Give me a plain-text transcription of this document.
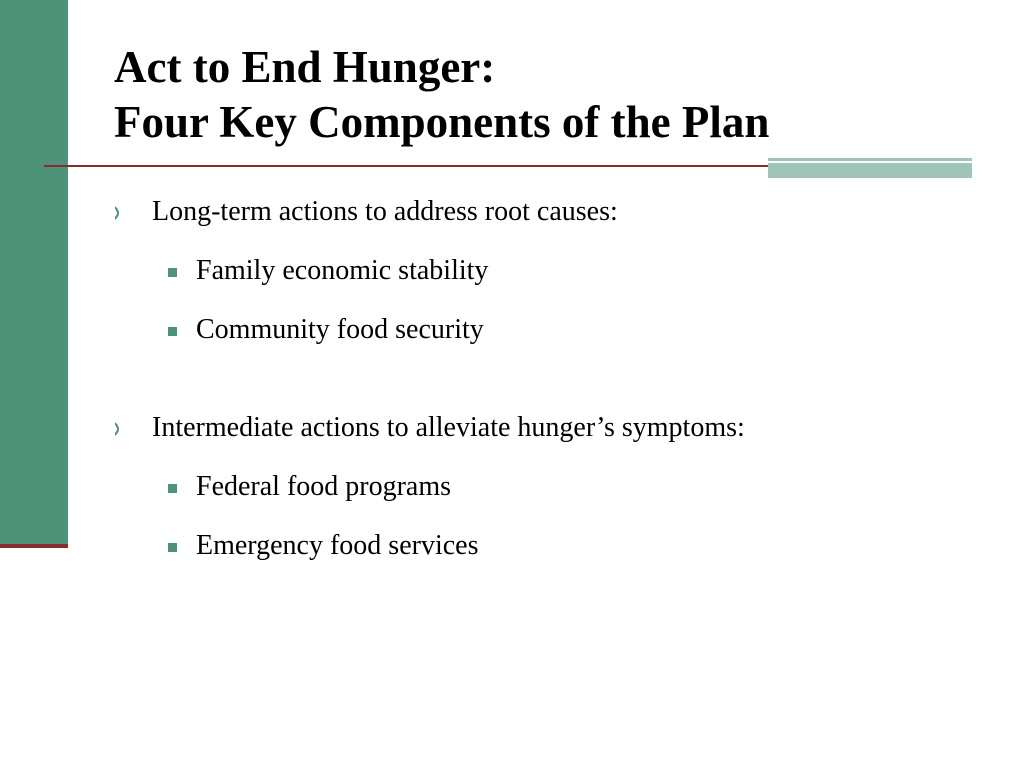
Act to End Hunger:
Four Key Components of the Plan
Long-term actions to address root causes:
Family economic stability
Community food security
Intermediate actions to alleviate hunger’s symptoms:
Federal food programs
Emergency food services
